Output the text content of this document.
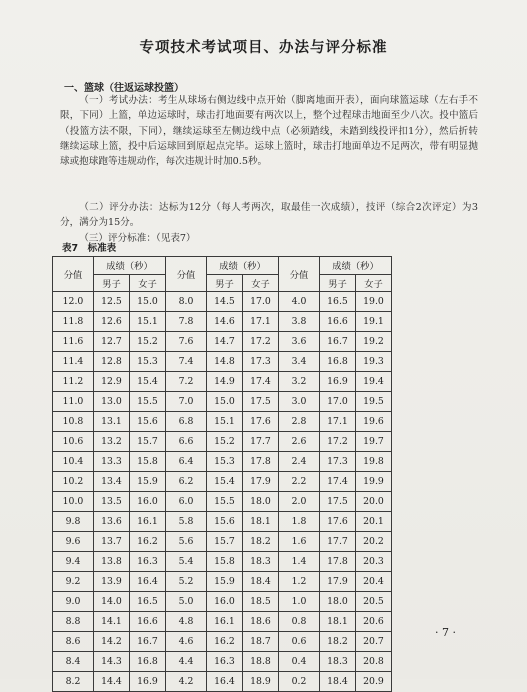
专项技术考试项目、办法与评分标准
一、篮球（往返运球投篮）

（一）考试办法：考生从球场右侧边线中点开始（脚离地面开表），面向球篮运球（左右手不限，下同）上篮，单边运球时，球击打地面要有两次以上，整个过程球击地面至少八次。投中篮后（投篮方法不限，下同），继续运球至左侧边线中点（必须踏线，未踏到线投评扣1分），然后折转继续运球上篮，投中后运球回到原起点完毕。运球上篮时，球击打地面单边不足两次，带有明显抛球或抱球跑等违规动作，每次违规计时加0.5秒。

（二）评分办法：达标为12分（每人考两次，取最佳一次成绩），技评（综合2次评定）为3分，满分为15分。

（三）评分标准：（见表7）

表7　标准表
分值	成绩（秒）		分值	成绩（秒）		分值	成绩（秒）	
	男子	女子		男子	女子		男子	女子
12.0	12.5	15.0	8.0	14.5	17.0	4.0	16.5	19.0
11.8	12.6	15.1	7.8	14.6	17.1	3.8	16.6	19.1
11.6	12.7	15.2	7.6	14.7	17.2	3.6	16.7	19.2
11.4	12.8	15.3	7.4	14.8	17.3	3.4	16.8	19.3
11.2	12.9	15.4	7.2	14.9	17.4	3.2	16.9	19.4
11.0	13.0	15.5	7.0	15.0	17.5	3.0	17.0	19.5
10.8	13.1	15.6	6.8	15.1	17.6	2.8	17.1	19.6
10.6	13.2	15.7	6.6	15.2	17.7	2.6	17.2	19.7
10.4	13.3	15.8	6.4	15.3	17.8	2.4	17.3	19.8
10.2	13.4	15.9	6.2	15.4	17.9	2.2	17.4	19.9
10.0	13.5	16.0	6.0	15.5	18.0	2.0	17.5	20.0
9.8	13.6	16.1	5.8	15.6	18.1	1.8	17.6	20.1
9.6	13.7	16.2	5.6	15.7	18.2	1.6	17.7	20.2
9.4	13.8	16.3	5.4	15.8	18.3	1.4	17.8	20.3
9.2	13.9	16.4	5.2	15.9	18.4	1.2	17.9	20.4
9.0	14.0	16.5	5.0	16.0	18.5	1.0	18.0	20.5
8.8	14.1	16.6	4.8	16.1	18.6	0.8	18.1	20.6
8.6	14.2	16.7	4.6	16.2	18.7	0.6	18.2	20.7
8.4	14.3	16.8	4.4	16.3	18.8	0.4	18.3	20.8
8.2	14.4	16.9	4.2	16.4	18.9	0.2	18.4	20.9
· 7 ·
